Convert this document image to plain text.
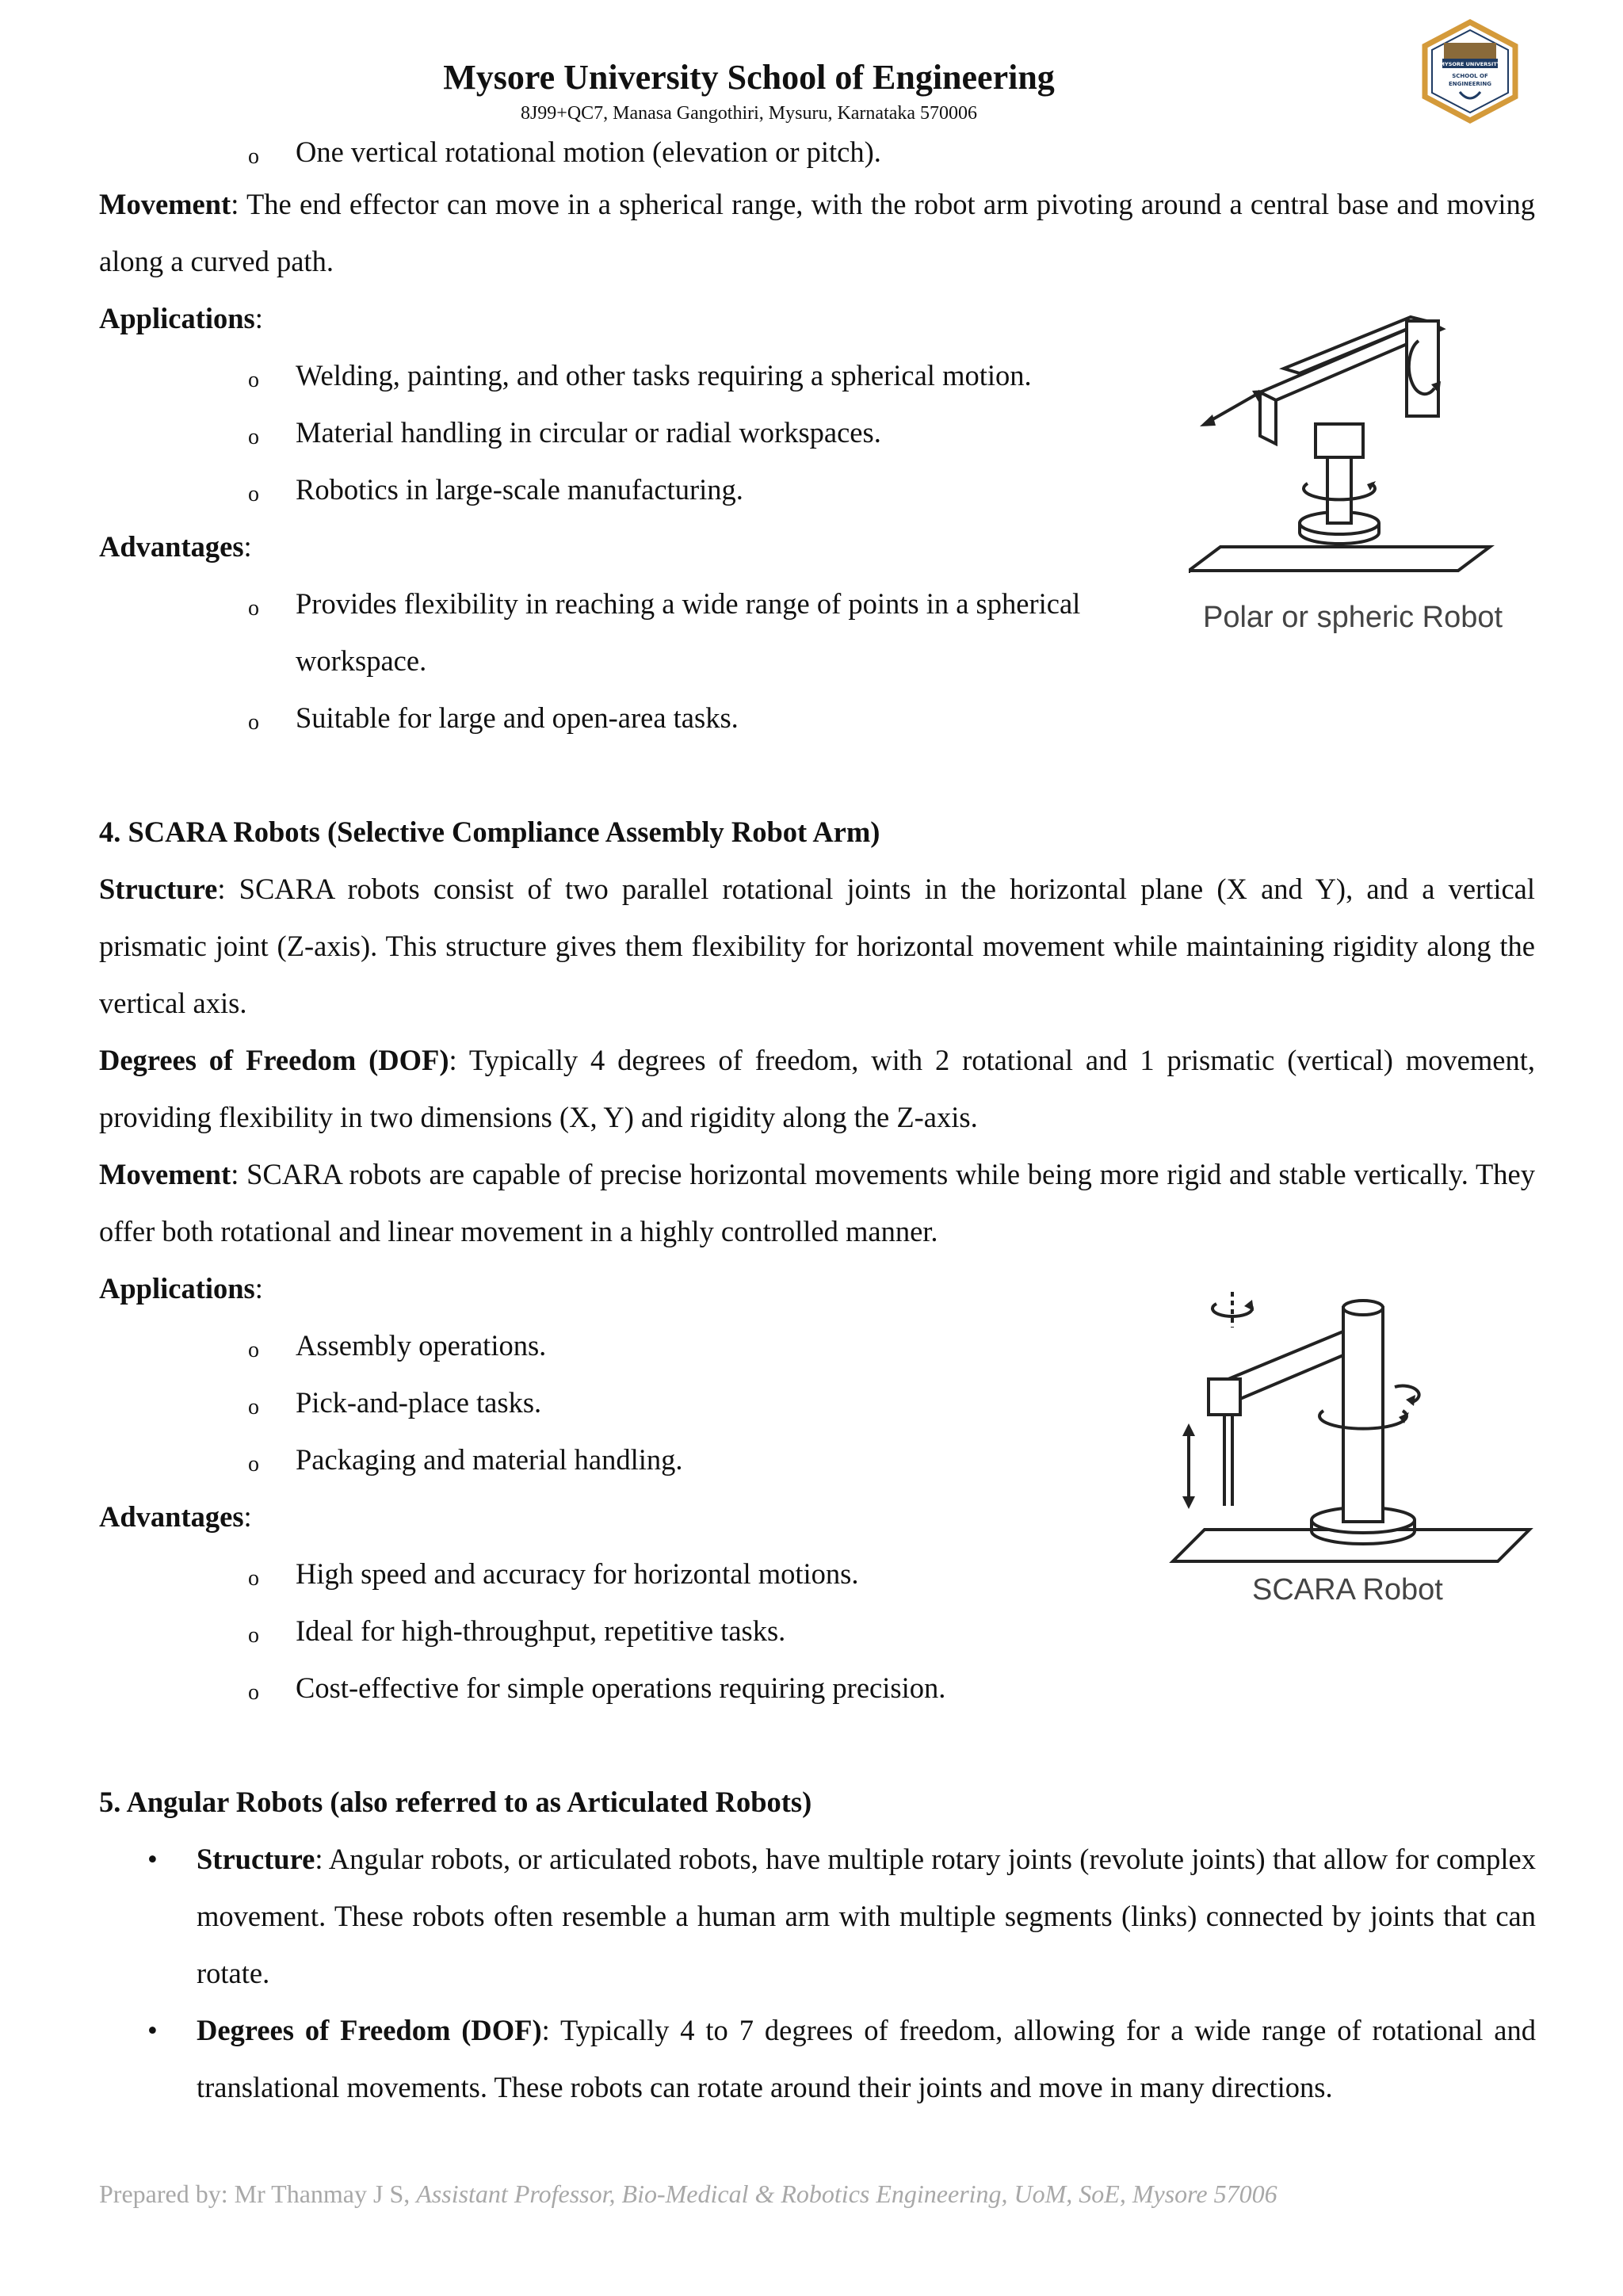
Mysore University School of Engineering
8J99+QC7, Manasa Gangothiri, Mysuru, Karnataka 570006
MYSORE UNIVERSITY
SCHOOL OF
ENGINEERING
o One vertical rotational motion (elevation or pitch).

Movement: The end effector can move in a spherical range, with the robot arm pivoting around a central base and moving along a curved path.

Applications:

o Welding, painting, and other tasks requiring a spherical motion.
o Material handling in circular or radial workspaces.
o Robotics in large-scale manufacturing.

Advantages:

o Provides flexibility in reaching a wide range of points in a spherical
workspace.
o Suitable for large and open-area tasks.
Polar or spheric Robot

4. SCARA Robots (Selective Compliance Assembly Robot Arm)

Structure: SCARA robots consist of two parallel rotational joints in the horizontal plane (X and Y), and a vertical prismatic joint (Z-axis). This structure gives them flexibility for horizontal movement while maintaining rigidity along the vertical axis.

Degrees of Freedom (DOF): Typically 4 degrees of freedom, with 2 rotational and 1 prismatic (vertical) movement, providing flexibility in two dimensions (X, Y) and rigidity along the Z-axis.

Movement: SCARA robots are capable of precise horizontal movements while being more rigid and stable vertically. They offer both rotational and linear movement in a highly controlled manner.

Applications:

o Assembly operations.
o Pick-and-place tasks.
o Packaging and material handling.

Advantages:

o High speed and accuracy for horizontal motions.
o Ideal for high-throughput, repetitive tasks.
o Cost-effective for simple operations requiring precision.
SCARA Robot

5. Angular Robots (also referred to as Articulated Robots)

• Structure: Angular robots, or articulated robots, have multiple rotary joints (revolute joints) that allow for complex movement. These robots often resemble a human arm with multiple segments (links) connected by joints that can rotate.

• Degrees of Freedom (DOF): Typically 4 to 7 degrees of freedom, allowing for a wide range of rotational and translational movements. These robots can rotate around their joints and move in many directions.

Prepared by: Mr Thanmay J S, Assistant Professor, Bio-Medical & Robotics Engineering, UoM, SoE, Mysore 57006
